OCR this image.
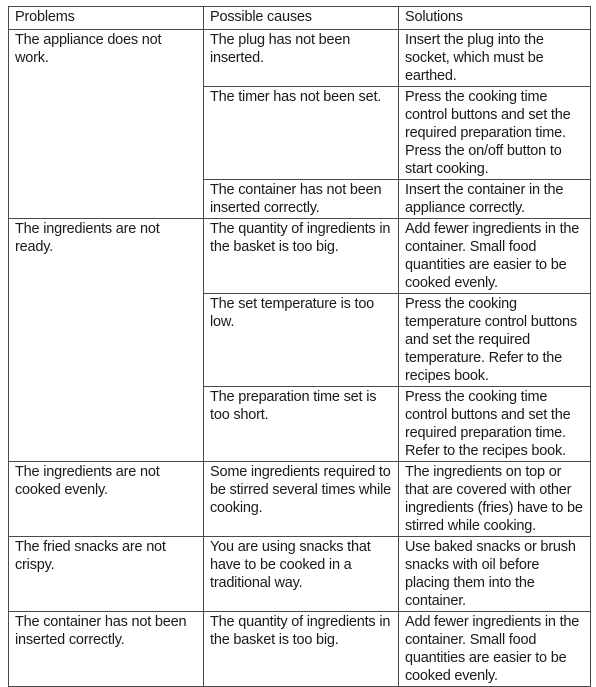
Problems	Possible causes	Solutions
The appliance does not work.	The plug has not been inserted.	Insert the plug into the socket, which must be earthed.
	The timer has not been set.	Press the cooking time control buttons and set the required preparation time. Press the on/off button to start cooking.
	The container has not been inserted correctly.	Insert the container in the appliance correctly.
The ingredients are not ready.	The quantity of ingredients in the basket is too big.	Add fewer ingredients in the container. Small food quantities are easier to be cooked evenly.
	The set temperature is too low.	Press the cooking temperature control buttons and set the required temperature. Refer to the recipes book.
	The preparation time set is too short.	Press the cooking time control buttons and set the required preparation time. Refer to the recipes book.
The ingredients are not cooked evenly.	Some ingredients required to be stirred several times while cooking.	The ingredients on top or that are covered with other ingredients (fries) have to be stirred while cooking.
The fried snacks are not crispy.	You are using snacks that have to be cooked in a traditional way.	Use baked snacks or brush snacks with oil before placing them into the container.
The container has not been inserted correctly.	The quantity of ingredients in the basket is too big.	Add fewer ingredients in the container. Small food quantities are easier to be cooked evenly.
